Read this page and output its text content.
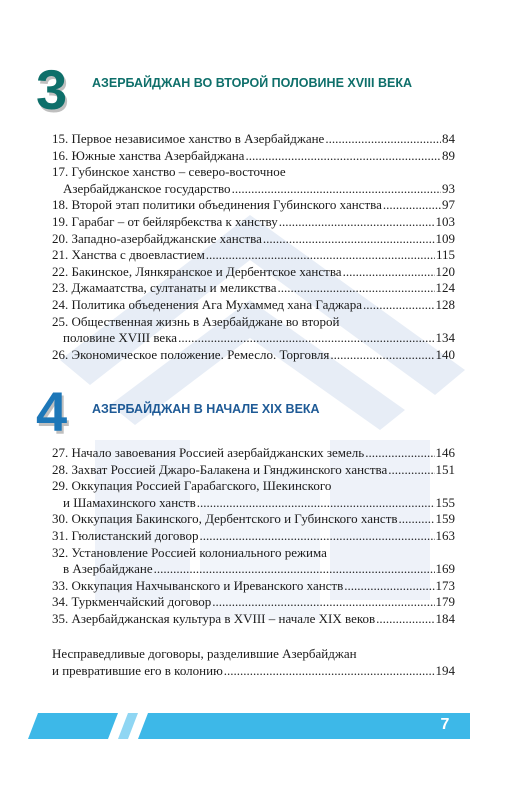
3	АЗЕРБАЙДЖАН ВО ВТОРОЙ ПОЛОВИНЕ XVIII ВЕКА
15. Первое независимое ханство в Азербайджане .....	84
16. Южные ханства Азербайджана .....	89
17. Губинское ханство – северо-восточное
Азербайджанское государство .....	93
18. Второй этап политики объединения Губинского ханства .....	97
19. Гарабаг – от бейлярбекства к ханству .....	103
20. Западно-азербайджанские ханства .....	109
21. Ханства с двоевластием .....	115
22. Бакинское, Лянкяранское и Дербентское ханства .....	120
23. Джамаатства, султанаты и меликства .....	124
24. Политика объеденения Ага Мухаммед хана Гаджара .....	128
25. Общественная жизнь в Азербайджане во второй
половине XVIII века .....	134
26. Экономическое положение. Ремесло. Торговля .....	140
4	АЗЕРБАЙДЖАН В НАЧАЛЕ XIX ВЕКА
27. Начало завоевания Россией азербайджанских земель .....	146
28. Захват Россией Джаро-Балакена и Гянджинского ханства .....	151
29. Оккупация Россией Гарабагского, Шекинского
и Шамахинского ханств .....	155
30. Оккупация Бакинского, Дербентского и Губинского ханств .....	159
31. Гюлистанский договор .....	163
32. Установление Россией колониального режима
в Азербайджане .....	169
33. Оккупация Нахчыванского и Иреванского ханств .....	173
34. Туркменчайский договор .....	179
35. Азербайджанская культура в XVIII – начале XIX веков .....	184
Несправедливые договоры, разделившие Азербайджан
и превратившие его в колонию .....	194
7
